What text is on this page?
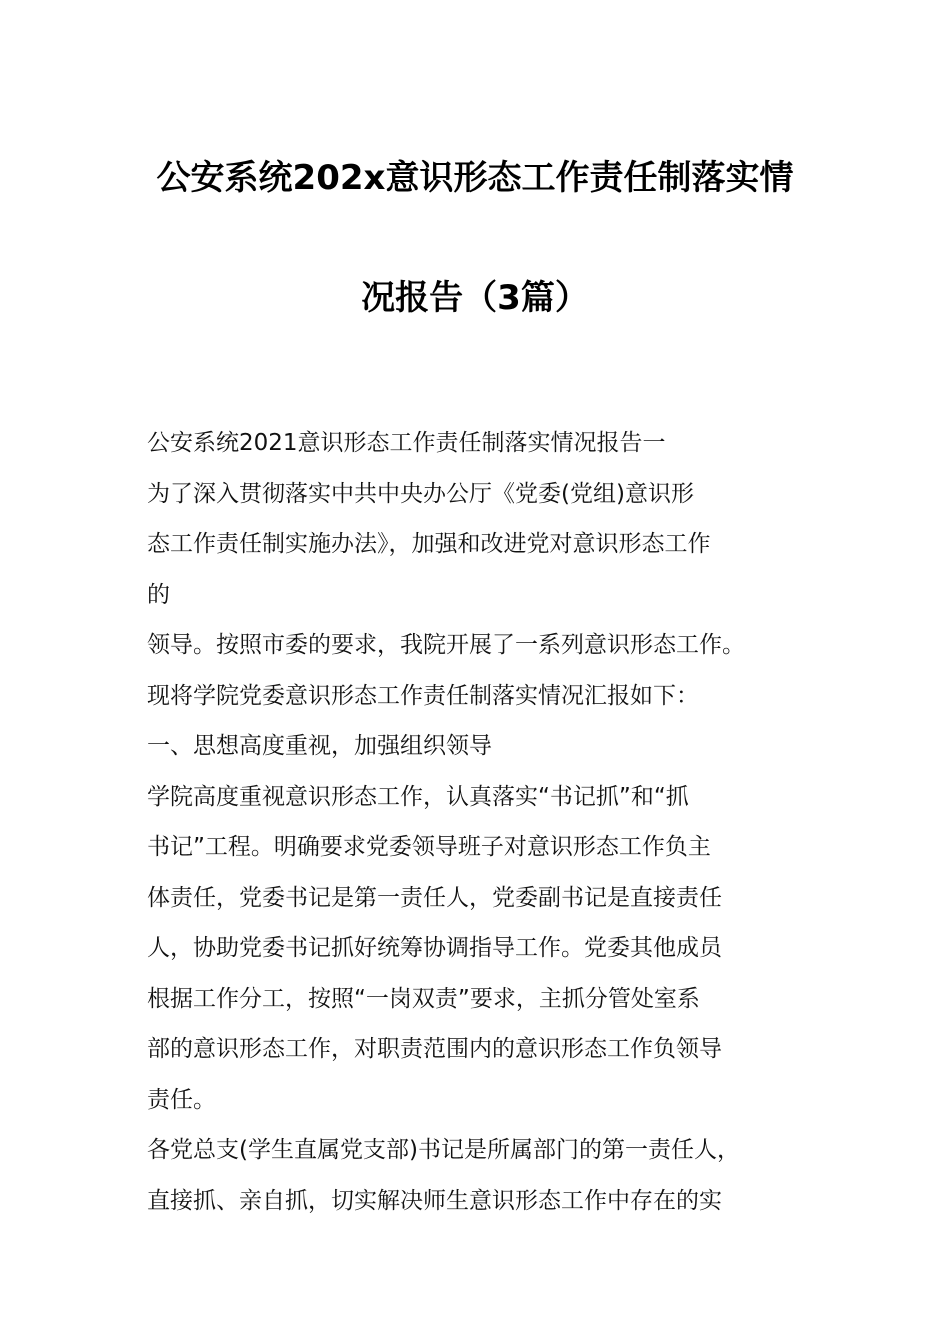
公安系统202x意识形态工作责任制落实情
况报告（3篇）

公安系统2021意识形态工作责任制落实情况报告一

为了深入贯彻落实中共中央办公厅《党委(党组)意识形

态工作责任制实施办法》，加强和改进党对意识形态工作

的

领导。按照市委的要求，我院开展了一系列意识形态工作。

现将学院党委意识形态工作责任制落实情况汇报如下：

一、思想高度重视，加强组织领导

学院高度重视意识形态工作，认真落实“书记抓”和“抓

书记”工程。明确要求党委领导班子对意识形态工作负主

体责任，党委书记是第一责任人，党委副书记是直接责任

人，协助党委书记抓好统筹协调指导工作。党委其他成员

根据工作分工，按照“一岗双责”要求，主抓分管处室系

部的意识形态工作，对职责范围内的意识形态工作负领导

责任。

各党总支(学生直属党支部)书记是所属部门的第一责任人，

直接抓、亲自抓，切实解决师生意识形态工作中存在的实
